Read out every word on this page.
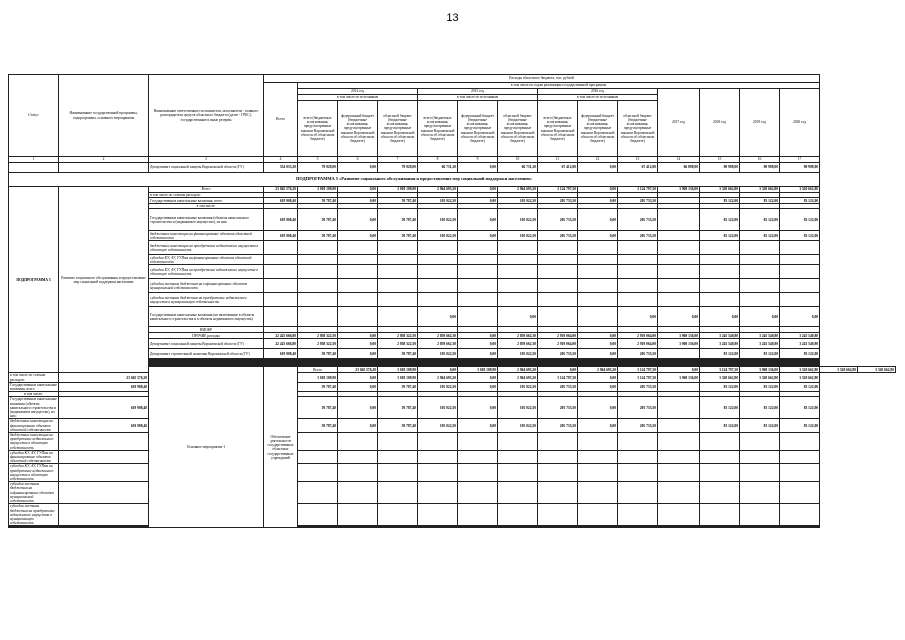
13
Статус	Наименование государственной программы, подпрограммы, основного мероприятия	Наименование ответственного исполнителя, исполнителя - главного распорядителя средств областного бюджета (далее - ГРБС), государственные и иные резервы	Расходы областного бюджета, тыс. рублей															
			Всего	в том числе по годам реализации государственной программы														
				2014 год			2015 год			2016 год			2017 год	2018 год	2019 год	2020 год		
				в том числе по источникам			в том числе по источникам			в том числе по источникам								
				всего (бюджетные ассигнования, предусмотренные законом Воронежской области об областном бюджете)	федеральный бюджет (бюджетные ассигнования, предусмотренные законом Воронежской области об областном бюджете)	областной бюджет (бюджетные ассигнования, предусмотренные законом Воронежской области об областном бюджете)	всего (бюджетные ассигнования, предусмотренные законом Воронежской области об областном бюджете)	федеральный бюджет (бюджетные ассигнования, предусмотренные законом Воронежской области об областном бюджете)	областной бюджет (бюджетные ассигнования, предусмотренные законом Воронежской области об областном бюджете)	всего (бюджетные ассигнования, предусмотренные законом Воронежской области об областном бюджете)	федеральный бюджет (бюджетные ассигнования, предусмотренные законом Воронежской области об областном бюджете)	областной бюджет (бюджетные ассигнования, предусмотренные законом Воронежской области об областном бюджете)						
1	2	3	4	5	6	7	8	9	10	11	12	13	14	15	16	17		
		Департамент социальной защиты Воронежской области (ГУ)	354 033,20	79 928,00	0,00	79 928,00	66 731,20	0,00	66 731,20	67 412,00	0,00	67 412,00	66 898,00	90 998,00	90 998,00	90 998,00		
ПОДПРОГРАММА 5 «Развитие социального обслуживания и предоставление мер социальной поддержки населению»																		
ПОДПРОГРАММА 5	Развитие социального обслуживания и предоставление мер социальной поддержки населению	Всего	23 045 576,20	3 018 109,90	0,00	3 018 109,90	2 964 693,20	0,00	2 964 693,20	3 124 797,50	0,00	3 124 797,50	3 969 136,00	3 320 662,80	3 320 662,80	3 320 662,80		
		в том числе по статьям расходов:																
		Государственные капитальные вложения, всего	619 908,40	59 787,40	0,00	59 787,40	105 022,50	0,00	105 022,50	205 733,50	0,00	205 733,50		83 122,00	83 122,00	83 122,00		
		в том числе:																
		Государственные капитальные вложения (объекты капитального строительства и (недвижимое имущество), из них:	619 908,40	59 787,40	0,00	59 787,40	105 022,50	0,00	105 022,50	205 733,50	0,00	205 733,50		83 122,00	83 122,00	83 122,00		
		бюджетные инвестиции на финансирование объектов областной собственности	619 908,40	59 787,40	0,00	59 787,40	105 022,50	0,00	105 022,50	205 733,50	0,00	205 733,50		83 122,00	83 122,00	83 122,00		
		бюджетные инвестиции на приобретение недвижимого имущества в областную собственность																
		субсидии КУ, АУ, ГУПам на финансирование объектов областной собственности																
		субсидии КУ, АУ, ГУПам на приобретение недвижимого имущества в областную собственность																
		субсидии местным бюджетам на софинансирование объектов муниципальной собственности																
		субсидии местным бюджетам на приобретение недвижимого имущества в муниципальную собственность																
		Государственные капитальные вложения (не включенные в объекты капитального строительства и в объекты недвижимого имущества)					0,00		0,00			0,00	0,00	0,00	0,00	0,00		
		НИОКР																
		ПРОЧИЕ расходы	22 425 666,80	2 958 322,50	0,00	2 958 322,50	2 859 662,30	0,00	2 859 662,30	2 919 064,00	0,00	2 919 064,00	3 969 136,00	3 245 540,80	3 245 540,80	3 245 540,80		
		Департамент социальной защиты Воронежской области (ГУ)	22 425 666,80	2 958 322,50	0,00	2 958 322,50	2 859 662,30	0,00	2 859 662,30	2 919 064,00	0,00	2 919 064,00	3 969 136,00	3 245 540,80	3 245 540,80	3 245 540,80		
		Департамент строительной политики Воронежской области (ГУ)	619 908,40	59 787,40	0,00	59 787,40	105 022,50	0,00	105 022,50	205 733,50	0,00	205 733,50		83 122,00	83 122,00	83 122,00		

		Основное мероприятие 1	Обеспечение деятельности государственных областных государственных учреждений	Всего	23 045 576,20	3 018 109,90	0,00	3 018 109,90	2 964 693,20	0,00	2 964 693,20	3 124 797,50	0,00	3 124 797,50	3 969 136,00	3 320 662,80	3 320 662,80	3 320 662,80
в том числе по статьям расходов:	23 045 576,20			3 018 109,90	0,00	3 018 109,90	2 964 693,20	0,00	2 964 693,20	3 124 797,50	0,00	3 124 797,50	3 969 136,00	3 320 662,80	3 320 662,80	3 320 662,80		
Государственные капитальные вложения, всего	619 908,40			59 787,40	0,00	59 787,40	105 022,50	0,00	105 022,50	205 733,50	0,00	205 733,50		83 122,00	83 122,00	83 122,00		
в том числе:																		
Государственные капитальные вложения (объекты капитального строительства и (недвижимое имущество), из них:	619 908,40			59 787,40	0,00	59 787,40	105 022,50	0,00	105 022,50	205 733,50	0,00	205 733,50		83 122,00	83 122,00	83 122,00		
бюджетные инвестиции на финансирование объектов областной собственности	619 908,40			59 787,40	0,00	59 787,40	105 022,50	0,00	105 022,50	205 733,50	0,00	205 733,50		83 122,00	83 122,00	83 122,00		
бюджетные инвестиции на приобретение недвижимого имущества в областную собственность																		
субсидии КУ, АУ, ГУПам на финансирование объектов областной собственности																		
субсидии КУ, АУ, ГУПам на приобретение недвижимого имущества в областную собственность																		
субсидии местным бюджетам на софинансирование объектов муниципальной собственности																		
субсидии местным бюджетам на приобретение недвижимого имущества в муниципальную собственность																		
